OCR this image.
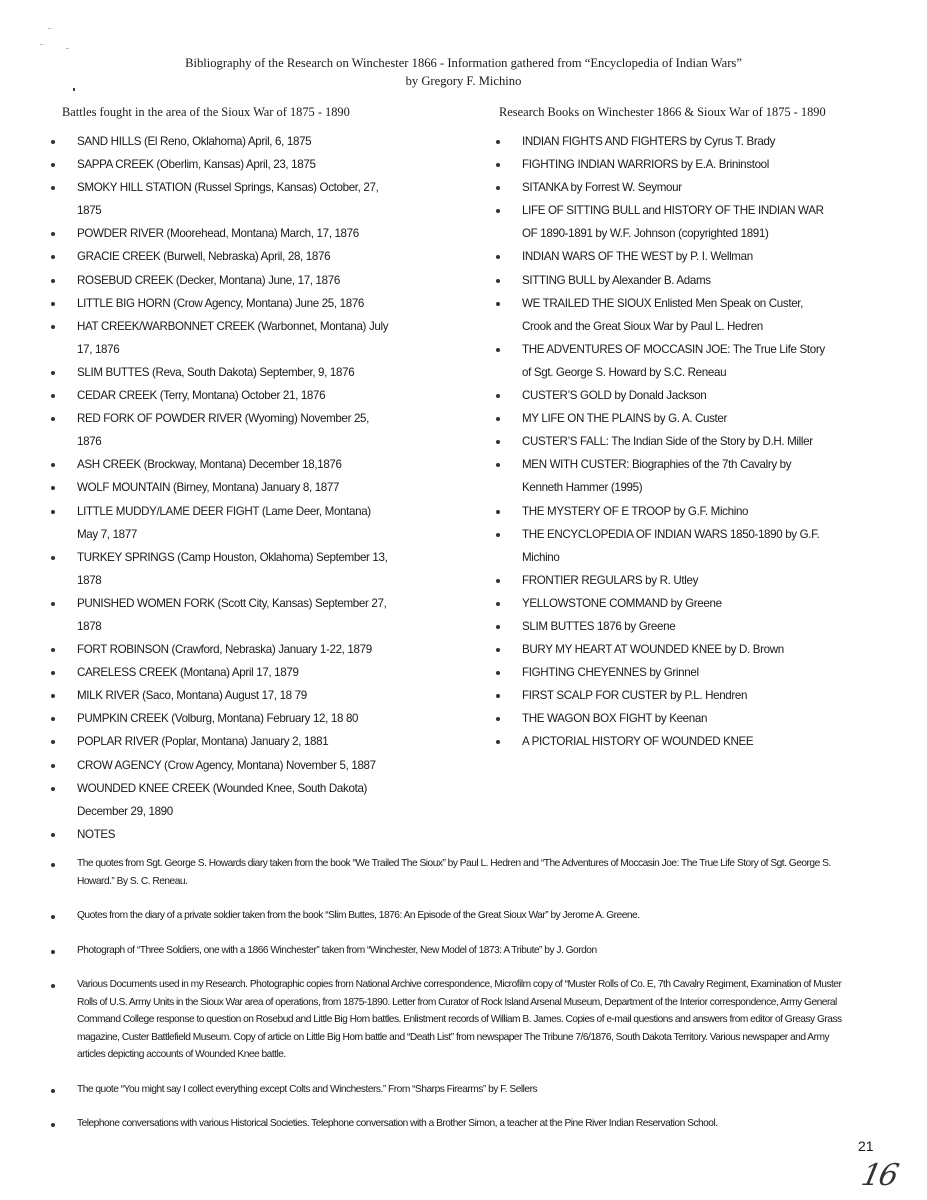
Bibliography of the Research on Winchester 1866 - Information gathered from “Encyclopedia of Indian Wars”
by Gregory F. Michino
Battles fought in the area of the Sioux War of 1875 - 1890	Research Books on Winchester 1866 & Sioux War of 1875 - 1890
SAND HILLS (El Reno, Oklahoma) April, 6, 1875
SAPPA CREEK (Oberlim, Kansas) April, 23, 1875
SMOKY HILL STATION (Russel Springs, Kansas) October, 27, 1875
POWDER RIVER (Moorehead, Montana) March, 17, 1876
GRACIE CREEK (Burwell, Nebraska) April, 28, 1876
ROSEBUD CREEK (Decker, Montana) June, 17, 1876
LITTLE BIG HORN (Crow Agency, Montana) June 25, 1876
HAT CREEK/WARBONNET CREEK (Warbonnet, Montana) July 17, 1876
SLIM BUTTES (Reva, South Dakota) September, 9, 1876
CEDAR CREEK (Terry, Montana) October 21, 1876
RED FORK OF POWDER RIVER (Wyoming) November 25, 1876
ASH CREEK (Brockway, Montana) December 18,1876
WOLF MOUNTAIN (Birney, Montana) January 8, 1877
LITTLE MUDDY/LAME DEER FIGHT (Lame Deer, Montana) May 7, 1877
TURKEY SPRINGS (Camp Houston, Oklahoma) September 13, 1878
PUNISHED WOMEN FORK (Scott City, Kansas) September 27, 1878
FORT ROBINSON (Crawford, Nebraska) January 1-22, 1879
CARELESS CREEK (Montana) April 17, 1879
MILK RIVER (Saco, Montana) August 17, 18 79
PUMPKIN CREEK (Volburg, Montana) February 12, 18 80
POPLAR RIVER (Poplar, Montana) January 2, 1881
CROW AGENCY (Crow Agency, Montana) November 5, 1887
WOUNDED KNEE CREEK (Wounded Knee, South Dakota) December 29, 1890
NOTES
INDIAN FIGHTS AND FIGHTERS by Cyrus T. Brady
FIGHTING INDIAN WARRIORS by E.A. Brininstool
SITANKA by Forrest W. Seymour
LIFE OF SITTING BULL and HISTORY OF THE INDIAN WAR OF 1890-1891 by W.F. Johnson (copyrighted 1891)
INDIAN WARS OF THE WEST by P. I. Wellman
SITTING BULL by Alexander B. Adams
WE TRAILED THE SIOUX Enlisted Men Speak on Custer, Crook and the Great Sioux War by Paul L. Hedren
THE ADVENTURES OF MOCCASIN JOE: The True Life Story of Sgt. George S. Howard by S.C. Reneau
CUSTER’S GOLD by Donald Jackson
MY LIFE ON THE PLAINS by G. A. Custer
CUSTER’S FALL: The Indian Side of the Story by D.H. Miller
MEN WITH CUSTER: Biographies of the 7th Cavalry by Kenneth Hammer (1995)
THE MYSTERY OF E TROOP by G.F. Michino
THE ENCYCLOPEDIA OF INDIAN WARS 1850-1890 by G.F. Michino
FRONTIER REGULARS by R. Utley
YELLOWSTONE COMMAND by Greene
SLIM BUTTES 1876 by Greene
BURY MY HEART AT WOUNDED KNEE by D. Brown
FIGHTING CHEYENNES by Grinnel
FIRST SCALP FOR CUSTER by P.L. Hendren
THE WAGON BOX FIGHT by Keenan
A PICTORIAL HISTORY OF WOUNDED KNEE
The quotes from Sgt. George S. Howards diary taken from the book “We Trailed The Sioux” by Paul L. Hedren and “The Adventures of Moccasin Joe: The True Life Story of Sgt. George S. Howard.” By S. C. Reneau.
Quotes from the diary of a private soldier taken from the book “Slim Buttes, 1876: An Episode of the Great Sioux War” by Jerome A. Greene.
Photograph of “Three Soldiers, one with a 1866 Winchester” taken from “Winchester, New Model of 1873: A Tribute” by J. Gordon
Various Documents used in my Research. Photographic copies from National Archive correspondence, Microfilm copy of “Muster Rolls of Co. E, 7th Cavalry Regiment, Examination of Muster Rolls of U.S. Army Units in the Sioux War area of operations, from 1875-1890. Letter from Curator of Rock Island Arsenal Museum, Department of the Interior correspondence, Army General Command College response to question on Rosebud and Little Big Horn battles. Enlistment records of William B. James. Copies of e-mail questions and answers from editor of Greasy Grass magazine, Custer Battlefield Museum. Copy of article on Little Big Horn battle and “Death List” from newspaper The Tribune 7/6/1876, South Dakota Territory. Various newspaper and Army articles depicting accounts of Wounded Knee battle.
The quote “You might say I collect everything except Colts and Winchesters.” From “Sharps Firearms” by F. Sellers
Telephone conversations with various Historical Societies. Telephone conversation with a Brother Simon, a teacher at the Pine River Indian Reservation School.
21
16
